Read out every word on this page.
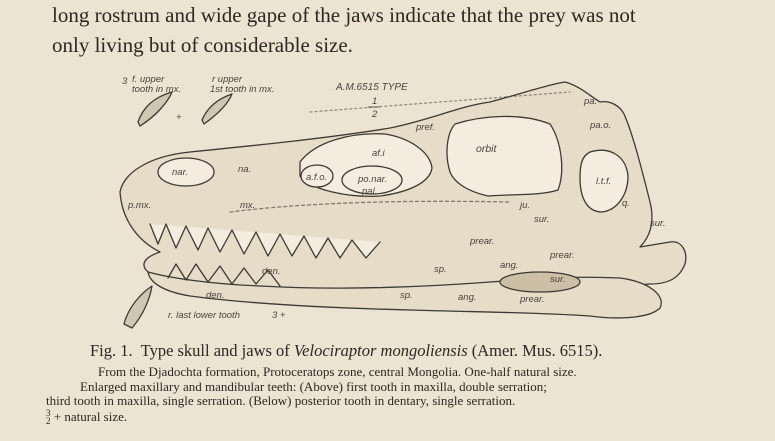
long rostrum and wide gape of the jaws indicate that the prey was not
only living but of considerable size.
3 f. upper
tooth in mx.
r upper
1st tooth in mx.
+
r. last lower tooth	3 +
A.M.6515 TYPE
1
2
nar.	na.
p.mx.	mx.
a.f.o.
af.i
po.nar.
pal.
pref.
orbit
pa.
pa.o.
l.t.f.
ju.
sur.	sur.
sur.
q.
prear.
prear.
prear.
sp.
sp.
ang.
ang.
den.
den.

Fig. 1. Type skull and jaws of Velociraptor mongoliensis (Amer. Mus. 6515).

From the Djadochta formation, Protoceratops zone, central Mongolia. One-half natural size.
Enlarged maxillary and mandibular teeth: (Above) first tooth in maxilla, double serration;
third tooth in maxilla, single serration. (Below) posterior tooth in dentary, single serration.
3
2 + natural size.
